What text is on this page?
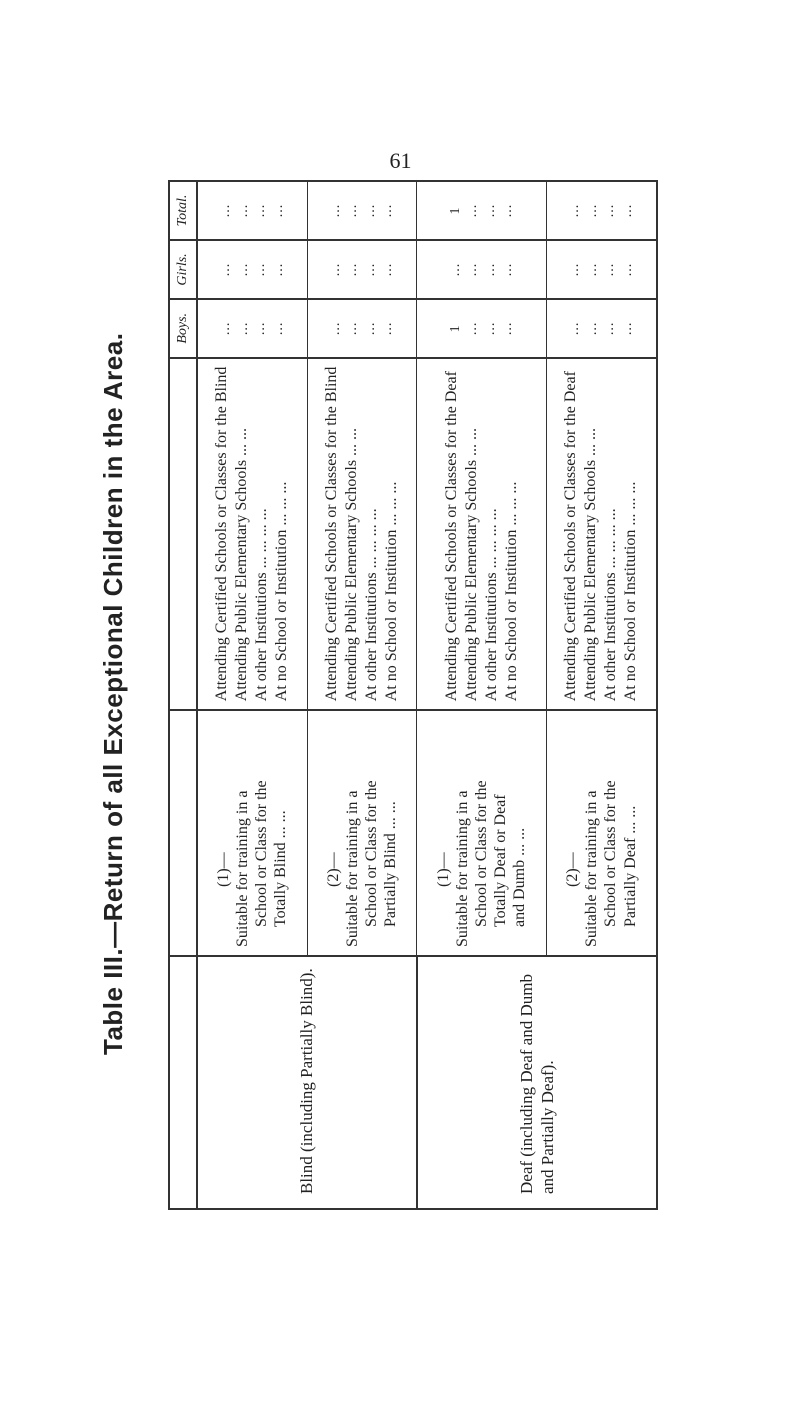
61
Table III.—Return of all Exceptional Children in the Area.
			Boys.	Girls.	Total.
Blind (including Partially Blind).	(1)— Suitable for training in a School or Class for the Totally Blind ... ...	Attending Certified Schools or Classes for the Blind Attending Public Elementary Schools ... ... At other Institutions ... ... ... ... At no School or Institution ... ... ...	... ... ... ...	... ... ... ...	... ... ... ...

	(2)— Suitable for training in a School or Class for the Partially Blind ... ...	Attending Certified Schools or Classes for the Blind Attending Public Elementary Schools ... ... At other Institutions ... ... ... ... At no School or Institution ... ... ...	... ... ... ...	... ... ... ...	... ... ... ...

Deaf (including Deaf and Dumb and Partially Deaf).	(1)— Suitable for training in a School or Class for the Totally Deaf or Deaf and Dumb ... ...	Attending Certified Schools or Classes for the Deaf Attending Public Elementary Schools ... ... At other Institutions ... ... ... ... At no School or Institution ... ... ...	1 ... ... ...	... ... ... ...	1 ... ... ...

	(2)— Suitable for training in a School or Class for the Partially Deaf ... ...	Attending Certified Schools or Classes for the Deaf Attending Public Elementary Schools ... ... At other Institutions ... ... ... ... At no School or Institution ... ... ...	... ... ... ...	... ... ... ...	... ... ... ...
